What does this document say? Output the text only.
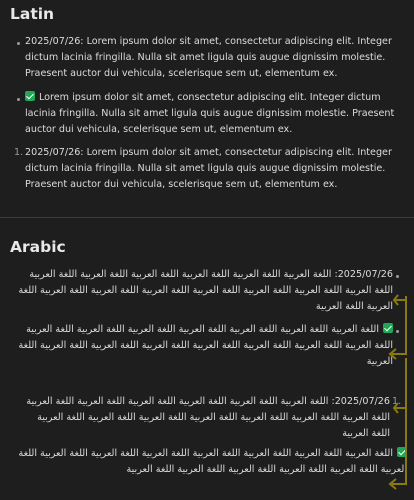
Latin

2025/07/26: Lorem ipsum dolor sit amet, consectetur adipiscing elit. Integer dictum lacinia fringilla. Nulla sit amet ligula quis augue dignissim molestie. Praesent auctor dui vehicula, scelerisque sem ut, elementum ex.

Lorem ipsum dolor sit amet, consectetur adipiscing elit. Integer dictum lacinia fringilla. Nulla sit amet ligula quis augue dignissim molestie. Praesent auctor dui vehicula, scelerisque sem ut, elementum ex.
1. 2025/07/26: Lorem ipsum dolor sit amet, consectetur adipiscing elit. Integer dictum lacinia fringilla. Nulla sit amet ligula quis augue dignissim molestie. Praesent auctor dui vehicula, scelerisque sem ut, elementum ex.

Arabic

2025/07/26: اللغة العربية اللغة العربية اللغة العربية اللغة العربية اللغة العربية اللغة العربية اللغة العربية اللغة العربية اللغة العربية اللغة العربية اللغة العربية اللغة العربية اللغة العربية اللغة العربية اللغة العربية

اللغة العربية اللغة العربية اللغة العربية اللغة العربية اللغة العربية اللغة العربية اللغة العربية اللغة العربية اللغة العربية اللغة العربية اللغة العربية اللغة العربية اللغة العربية اللغة العربية اللغة العربية
1.

2025/07/26: اللغة العربية اللغة العربية اللغة العربية اللغة العربية اللغة العربية اللغة العربية اللغة العربية اللغة العربية اللغة العربية اللغة العربية اللغة العربية اللغة العربية اللغة العربية اللغة العربية

اللغة العربية اللغة العربية اللغة العربية اللغة العربية اللغة العربية اللغة العربية اللغة العربية اللغة العربية اللغة العربية اللغة العربية اللغة العربية اللغة العربية اللغة العربية
